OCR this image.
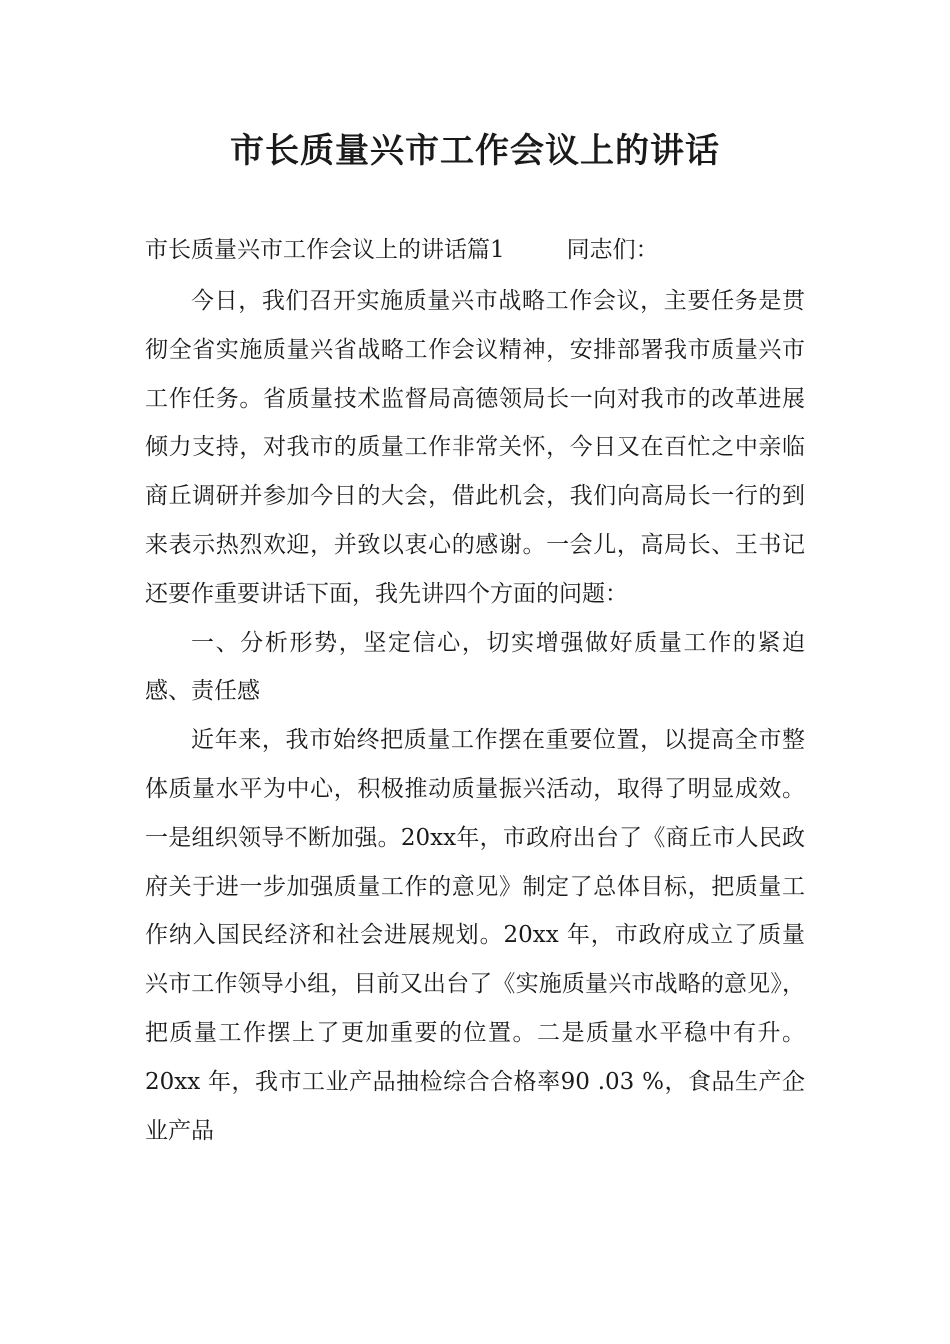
市长质量兴市工作会议上的讲话
市长质量兴市工作会议上的讲话篇1	同志们：

今日，我们召开实施质量兴市战略工作会议，主要任务是贯彻全省实施质量兴省战略工作会议精神，安排部署我市质量兴市工作任务。省质量技术监督局高德领局长一向对我市的改革进展倾力支持，对我市的质量工作非常关怀，今日又在百忙之中亲临商丘调研并参加今日的大会，借此机会，我们向高局长一行的到来表示热烈欢迎，并致以衷心的感谢。一会儿，高局长、王书记还要作重要讲话下面，我先讲四个方面的问题：

一、分析形势，坚定信心，切实增强做好质量工作的紧迫感、责任感

近年来，我市始终把质量工作摆在重要位置，以提高全市整体质量水平为中心，积极推动质量振兴活动，取得了明显成效。一是组织领导不断加强。20xx年，市政府出台了《商丘市人民政府关于进一步加强质量工作的意见》制定了总体目标，把质量工作纳入国民经济和社会进展规划。20xx 年，市政府成立了质量兴市工作领导小组，目前又出台了《实施质量兴市战略的意见》，把质量工作摆上了更加重要的位置。二是质量水平稳中有升。20xx 年，我市工业产品抽检综合合格率90 .03 %，食品生产企业产品
